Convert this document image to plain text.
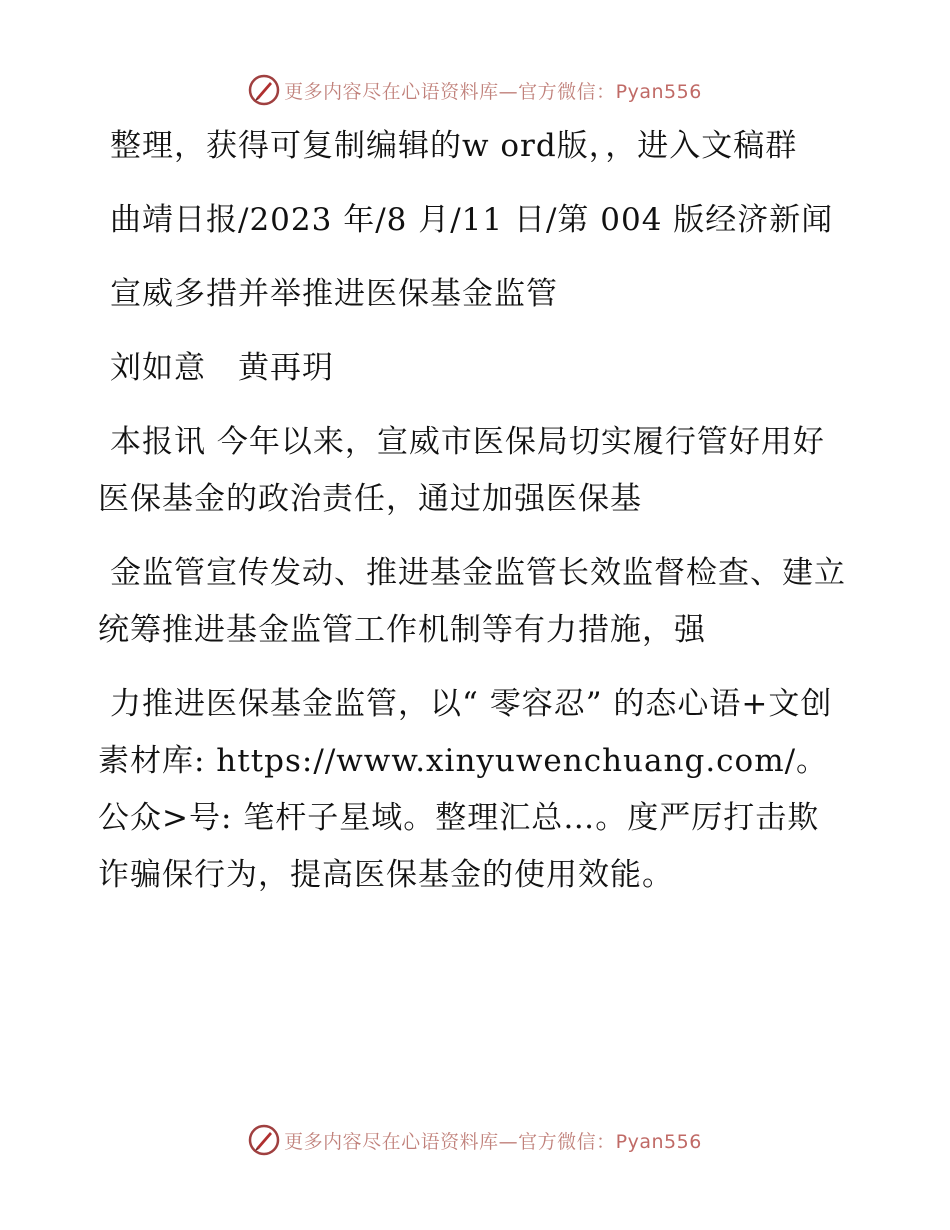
更多内容尽在心语资料库—官方微信：Pyan556

整理，获得可复制编辑的w ord版，，进入文稿群

曲靖日报/2023 年/8 月/11 日/第 004 版经济新闻

宣威多措并举推进医保基金监管

刘如意　黄再玥

本报讯 今年以来，宣威市医保局切实履行管好用好医保基金的政治责任，通过加强医保基

金监管宣传发动、推进基金监管长效监督检查、建立统筹推进基金监管工作机制等有力措施，强

力推进医保基金监管，以“ 零容忍” 的态心语+文创素材库: https://www.xinyuwenchuang.com/。公众>号: 笔杆子星域。整理汇总…。度严厉打击欺诈骗保行为，提高医保基金的使用效能。

更多内容尽在心语资料库—官方微信：Pyan556
